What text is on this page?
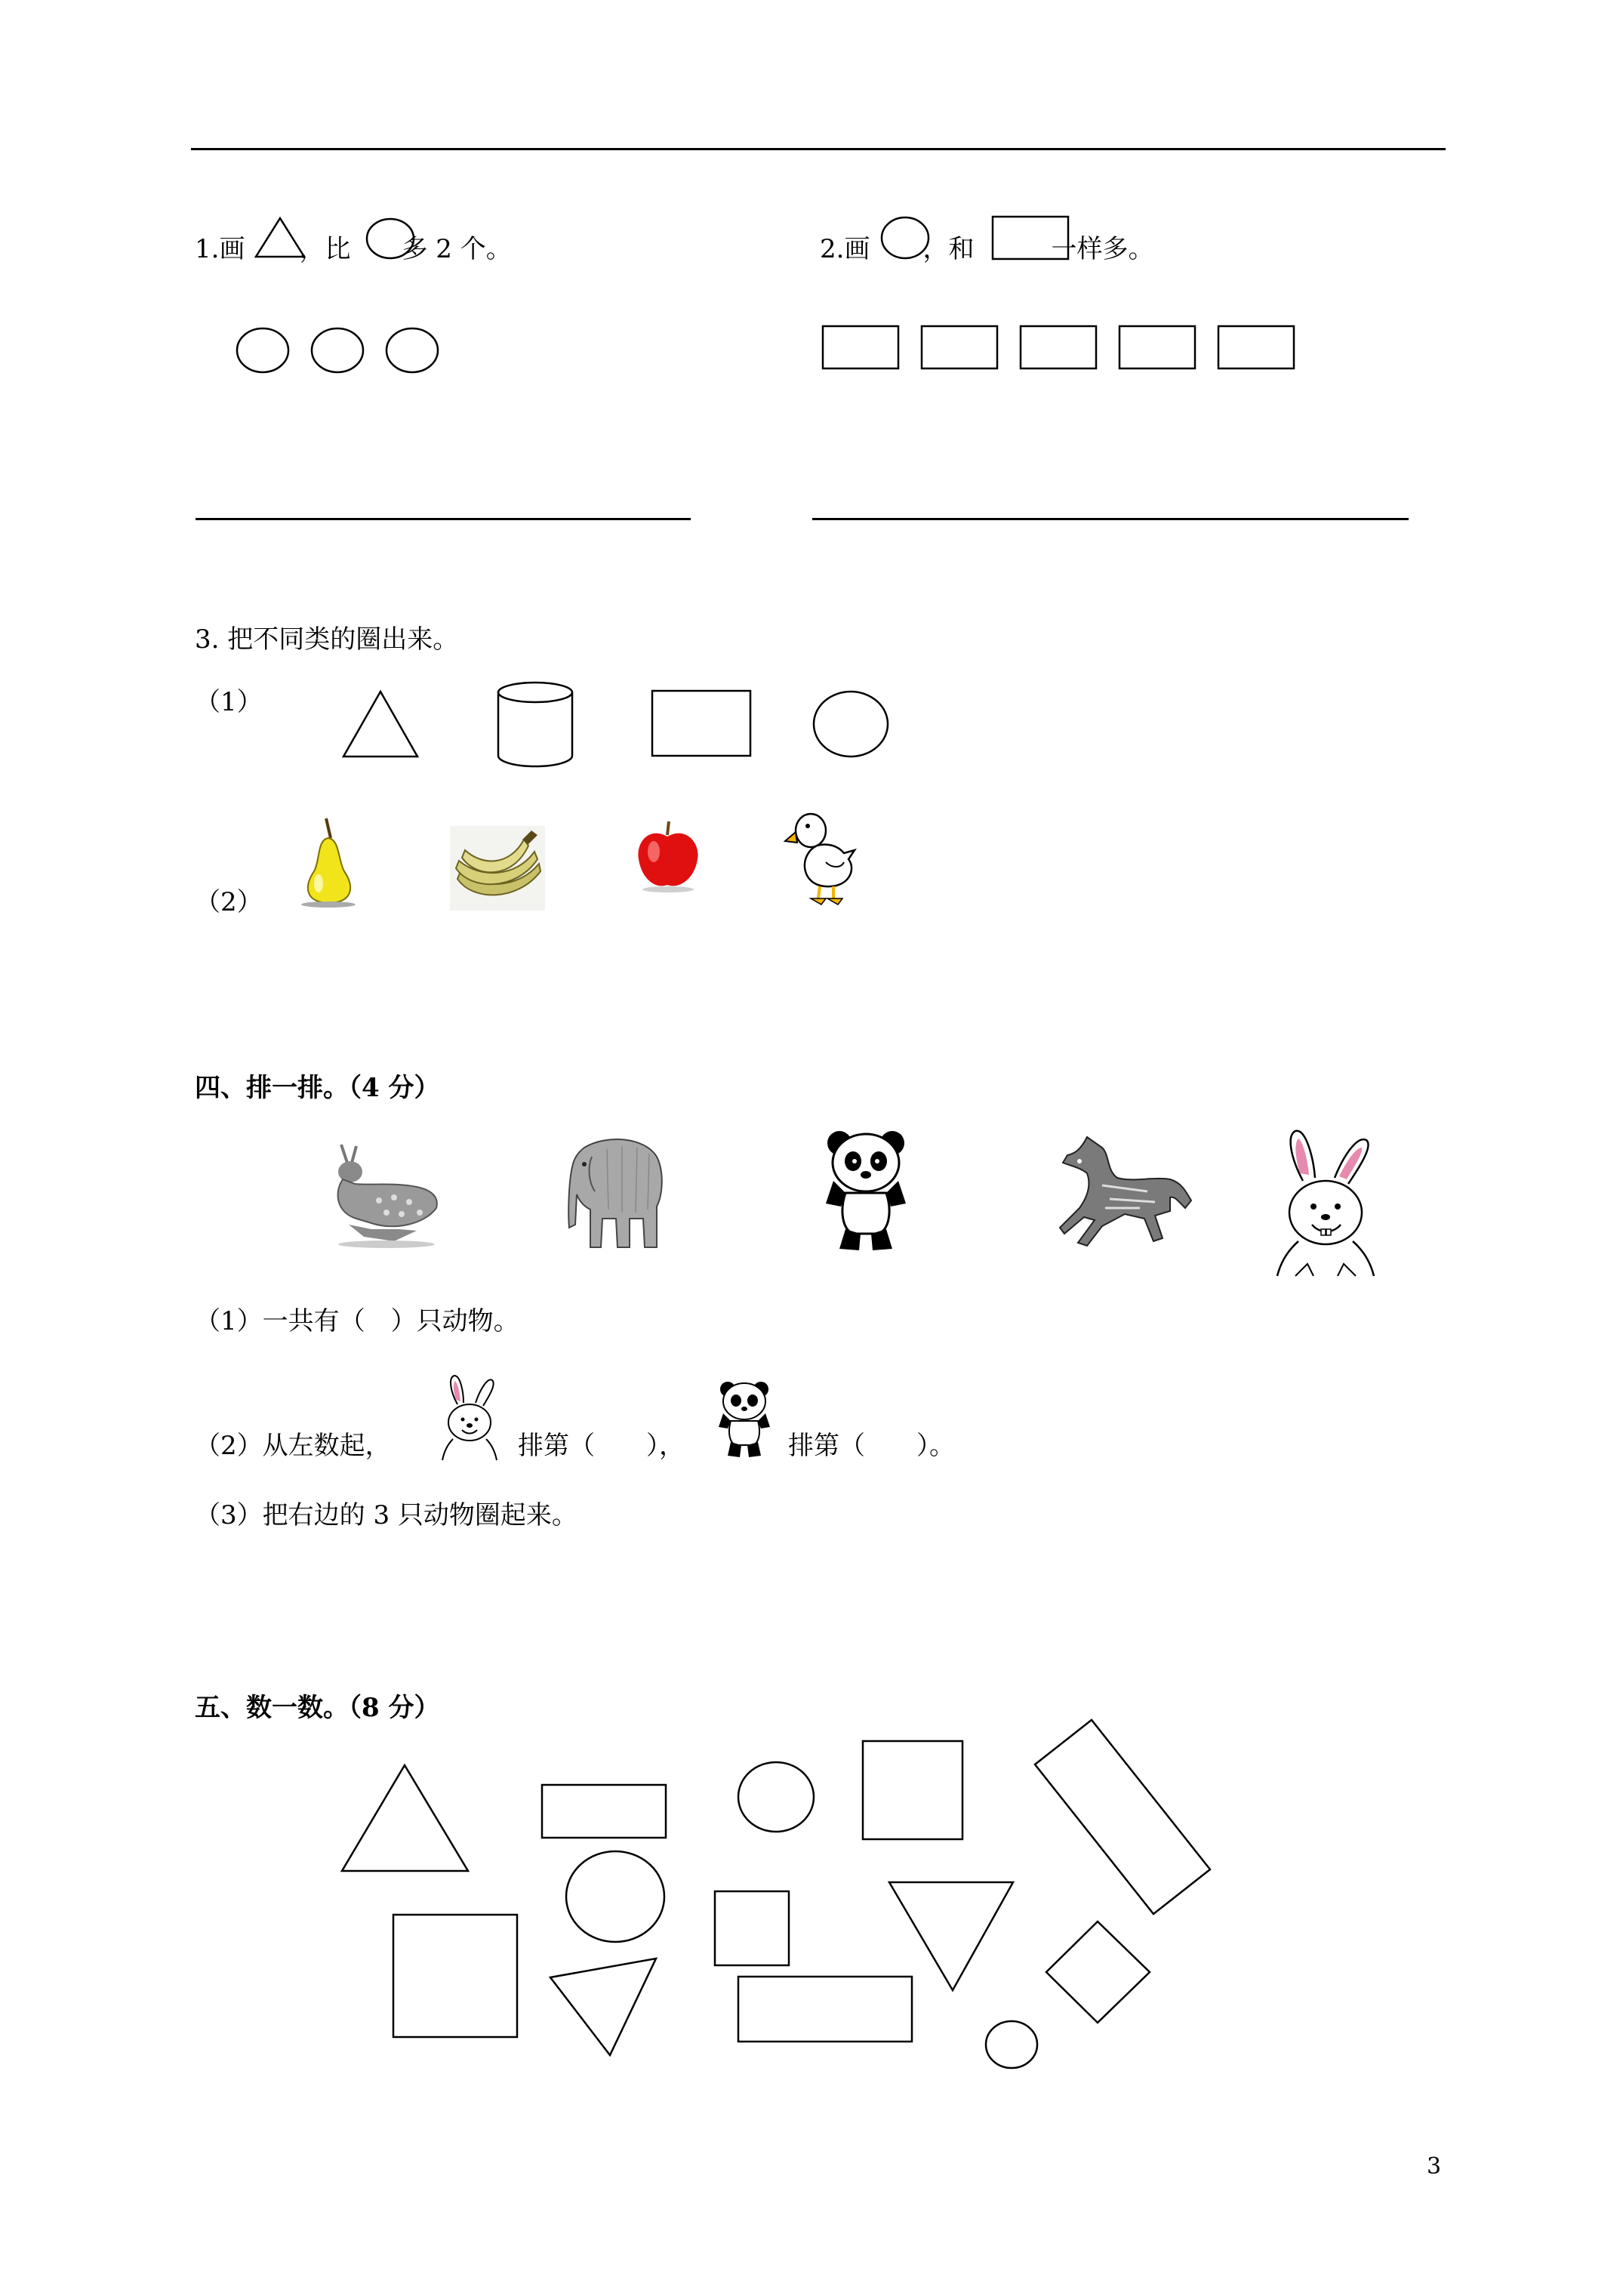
1.画 ，比 多 2 个。	2.画 ，和	一样多。
3. 把不同类的圈出来。
（1）
（2）
四、排一排。（4 分）
（1）一共有（　）只动物。
（2）从左数起，	排第（　　），	排第（　　）。
（3）把右边的 3 只动物圈起来。
五、数一数。（8 分）
3
